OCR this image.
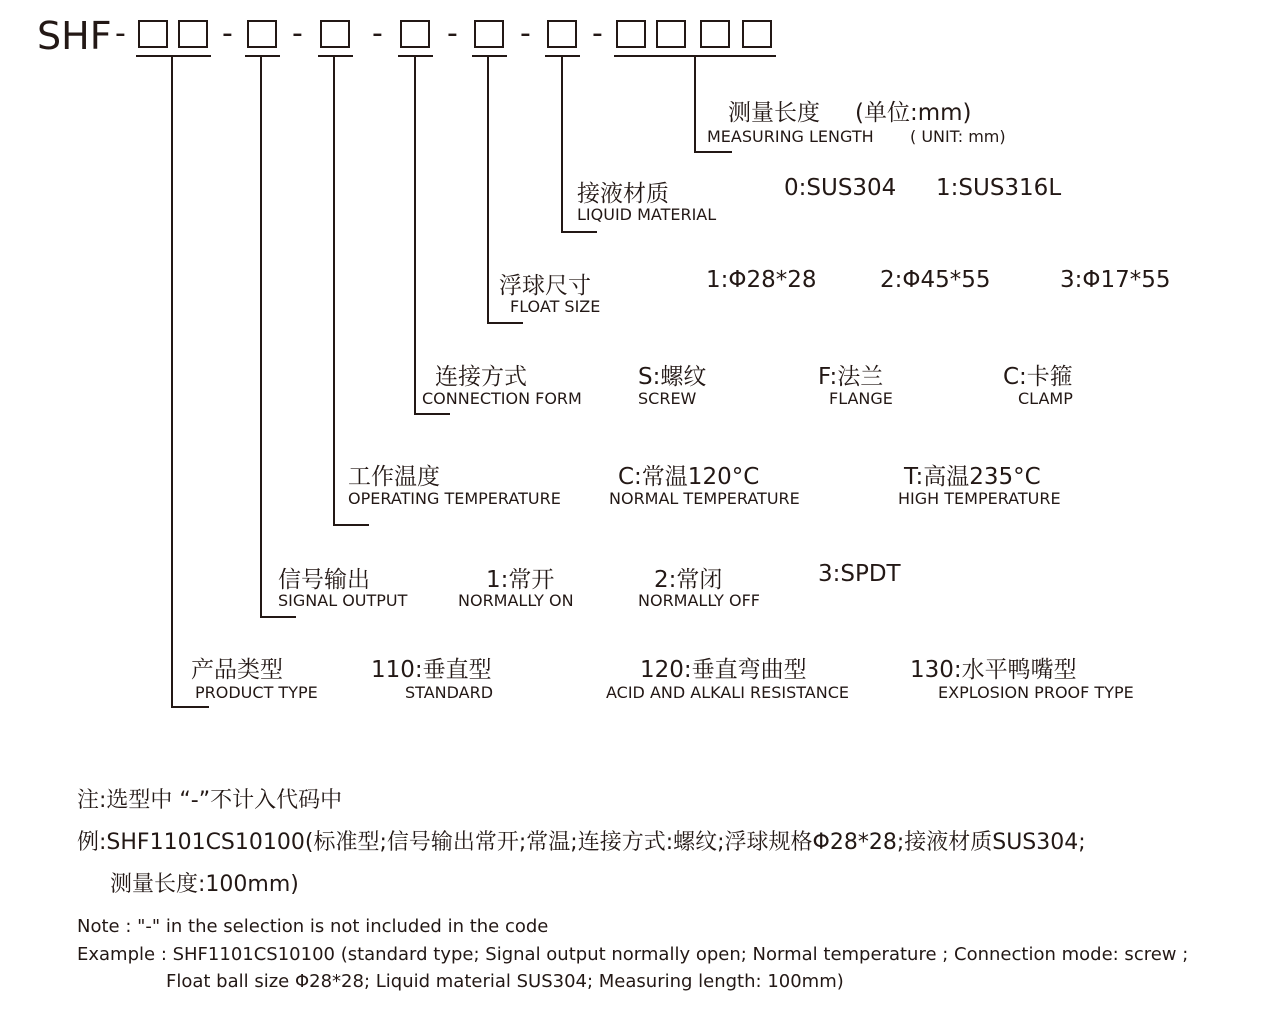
SHF -	- - - - - -
测量长度 (单位:mm)
MEASURING LENGTH ( UNIT: mm)
接液材质
LIQUID MATERIAL
0:SUS304 1:SUS316L
浮球尺寸
FLOAT SIZE
1:Φ28*28	2:Φ45*55	3:Φ17*55
连接方式
CONNECTION FORM
S:螺纹
SCREW
F:法兰
FLANGE
C:卡箍
CLAMP
工作温度
OPERATING TEMPERATURE
C:常温120°C
NORMAL TEMPERATURE
T:高温235°C
HIGH TEMPERATURE
信号输出
SIGNAL OUTPUT
1:常开
NORMALLY ON
2:常闭
NORMALLY OFF
3:SPDT
产品类型
PRODUCT TYPE
110:垂直型
STANDARD
120:垂直弯曲型
ACID AND ALKALI RESISTANCE
130:水平鸭嘴型
EXPLOSION PROOF TYPE
注:选型中 “-”不计入代码中
例:SHF1101CS10100(标准型;信号输出常开;常温;连接方式:螺纹;浮球规格Φ28*28;接液材质SUS304;
测量长度:100mm)
Note : "-" in the selection is not included in the code
Example : SHF1101CS10100 (standard type; Signal output normally open; Normal temperature ; Connection mode: screw ;
Float ball size Φ28*28; Liquid material SUS304; Measuring length: 100mm)
